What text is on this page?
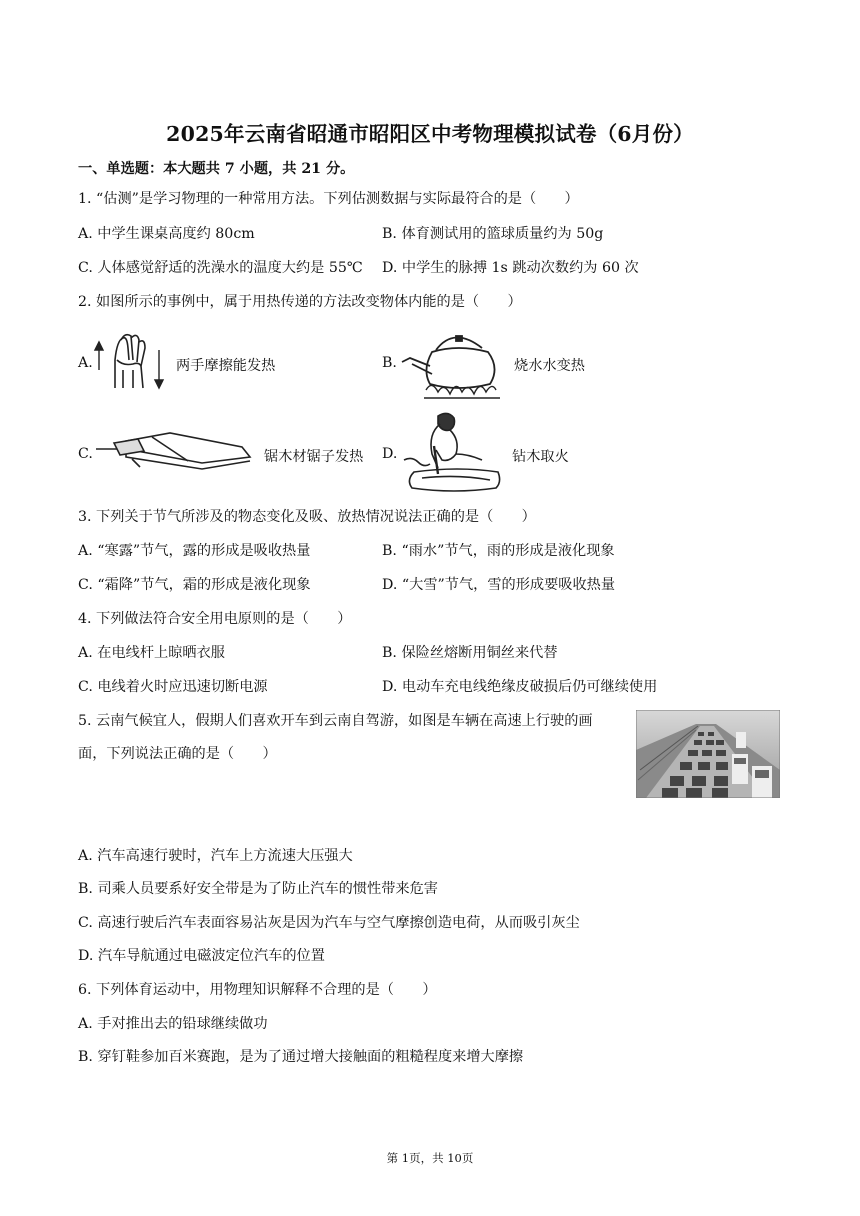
2025年云南省昭通市昭阳区中考物理模拟试卷（6月份）
一、单选题：本大题共 7 小题，共 21 分。
1. “估测”是学习物理的一种常用方法。下列估测数据与实际最符合的是（　　）
A. 中学生课桌高度约 80cm	B. 体育测试用的篮球质量约为 50g
C. 人体感觉舒适的洗澡水的温度大约是 55℃ D. 中学生的脉搏 1s 跳动次数约为 60 次
2. 如图所示的事例中，属于用热传递的方法改变物体内能的是（　　）
A.	两手摩擦能发热	B.	烧水水变热
C.	锯木材锯子发热 D.	钻木取火
3. 下列关于节气所涉及的物态变化及吸、放热情况说法正确的是（　　）
A. “寒露”节气，露的形成是吸收热量	B. “雨水”节气，雨的形成是液化现象
C. “霜降”节气，霜的形成是液化现象	D. “大雪”节气，雪的形成要吸收热量
4. 下列做法符合安全用电原则的是（　　）
A. 在电线杆上晾晒衣服	B. 保险丝熔断用铜丝来代替
C. 电线着火时应迅速切断电源	D. 电动车充电线绝缘皮破损后仍可继续使用
5. 云南气候宜人，假期人们喜欢开车到云南自驾游，如图是车辆在高速上行驶的画
面，下列说法正确的是（　　）
A. 汽车高速行驶时，汽车上方流速大压强大
B. 司乘人员要系好安全带是为了防止汽车的惯性带来危害
C. 高速行驶后汽车表面容易沾灰是因为汽车与空气摩擦创造电荷，从而吸引灰尘
D. 汽车导航通过电磁波定位汽车的位置
6. 下列体育运动中，用物理知识解释不合理的是（　　）
A. 手对推出去的铅球继续做功
B. 穿钉鞋参加百米赛跑，是为了通过增大接触面的粗糙程度来增大摩擦
第 1页，共 10页
